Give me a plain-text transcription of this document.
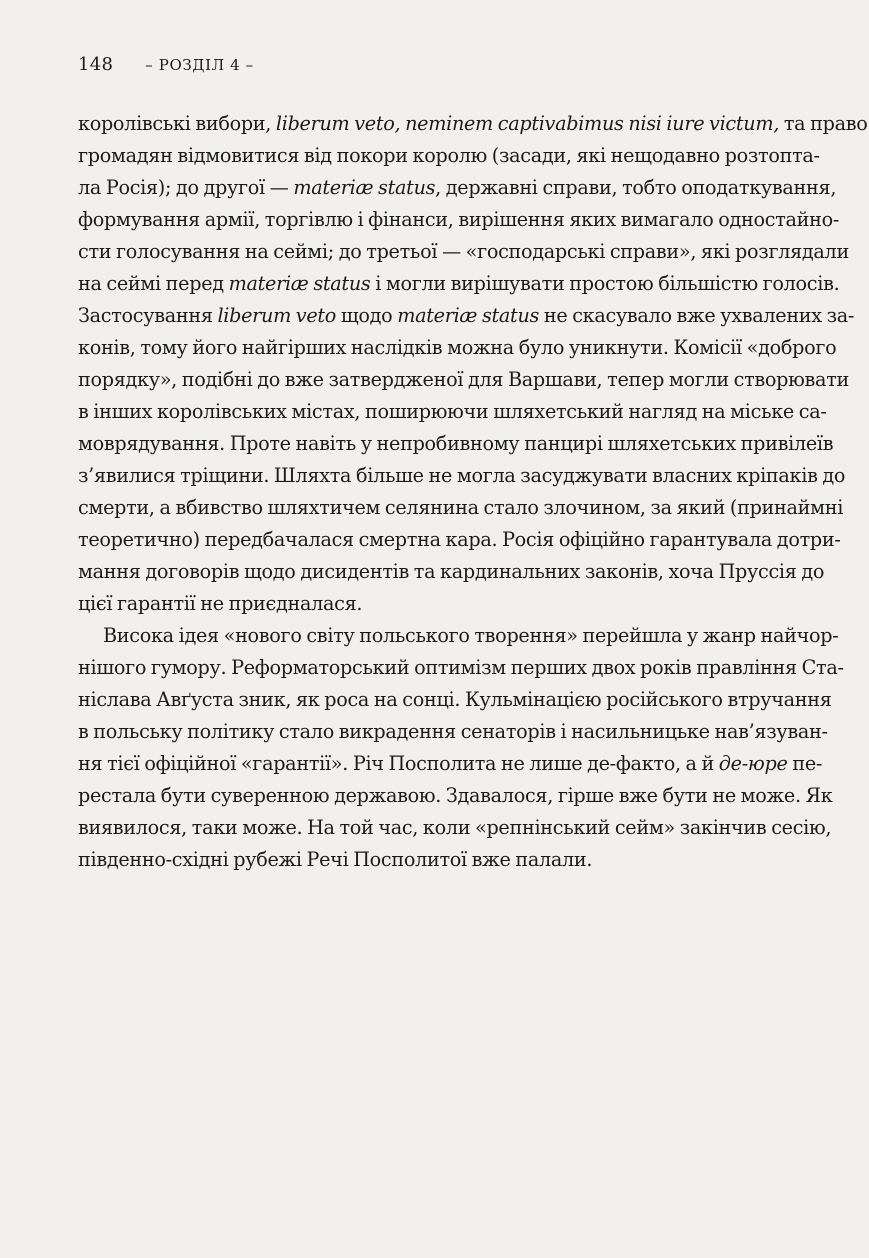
148 – РОЗДІЛ 4 –
королівські вибори, liberum veto, neminem captivabimus nisi iure victum, та право
громадян відмовитися від покори королю (засади, які нещодавно розтопта-
ла Росія); до другої — materiæ status, державні справи, тобто оподаткування,
формування армії, торгівлю і фінанси, вирішення яких вимагало одностайно-
сти голосування на сеймі; до третьої — «господарські справи», які розглядали
на сеймі перед materiæ status і могли вирішувати простою більшістю голосів.
Застосування liberum veto щодо materiæ status не скасувало вже ухвалених за-
конів, тому його найгірших наслідків можна було уникнути. Комісії «доброго
порядку», подібні до вже затвердженої для Варшави, тепер могли створювати
в інших королівських містах, поширюючи шляхетський нагляд на міське са-
моврядування. Проте навіть у непробивному панцирі шляхетських привілеїв
з’явилися тріщини. Шляхта більше не могла засуджувати власних кріпаків до
смерти, а вбивство шляхтичем селянина стало злочином, за який (принаймні
теоретично) передбачалася смертна кара. Росія офіційно гарантувала дотри-
мання договорів щодо дисидентів та кардинальних законів, хоча Пруссія до
цієї гарантії не приєдналася.
Висока ідея «нового світу польського творення» перейшла у жанр найчор-
нішого гумору. Реформаторський оптимізм перших двох років правління Ста-
ніслава Авґуста зник, як роса на сонці. Кульмінацією російського втручання
в польську політику стало викрадення сенаторів і насильницьке нав’язуван-
ня тієї офіційної «гарантії». Річ Посполита не лише де-факто, а й де-юре пе-
рестала бути суверенною державою. Здавалося, гірше вже бути не може. Як
виявилося, таки може. На той час, коли «репнінський сейм» закінчив сесію,
південно-східні рубежі Речі Посполитої вже палали.
